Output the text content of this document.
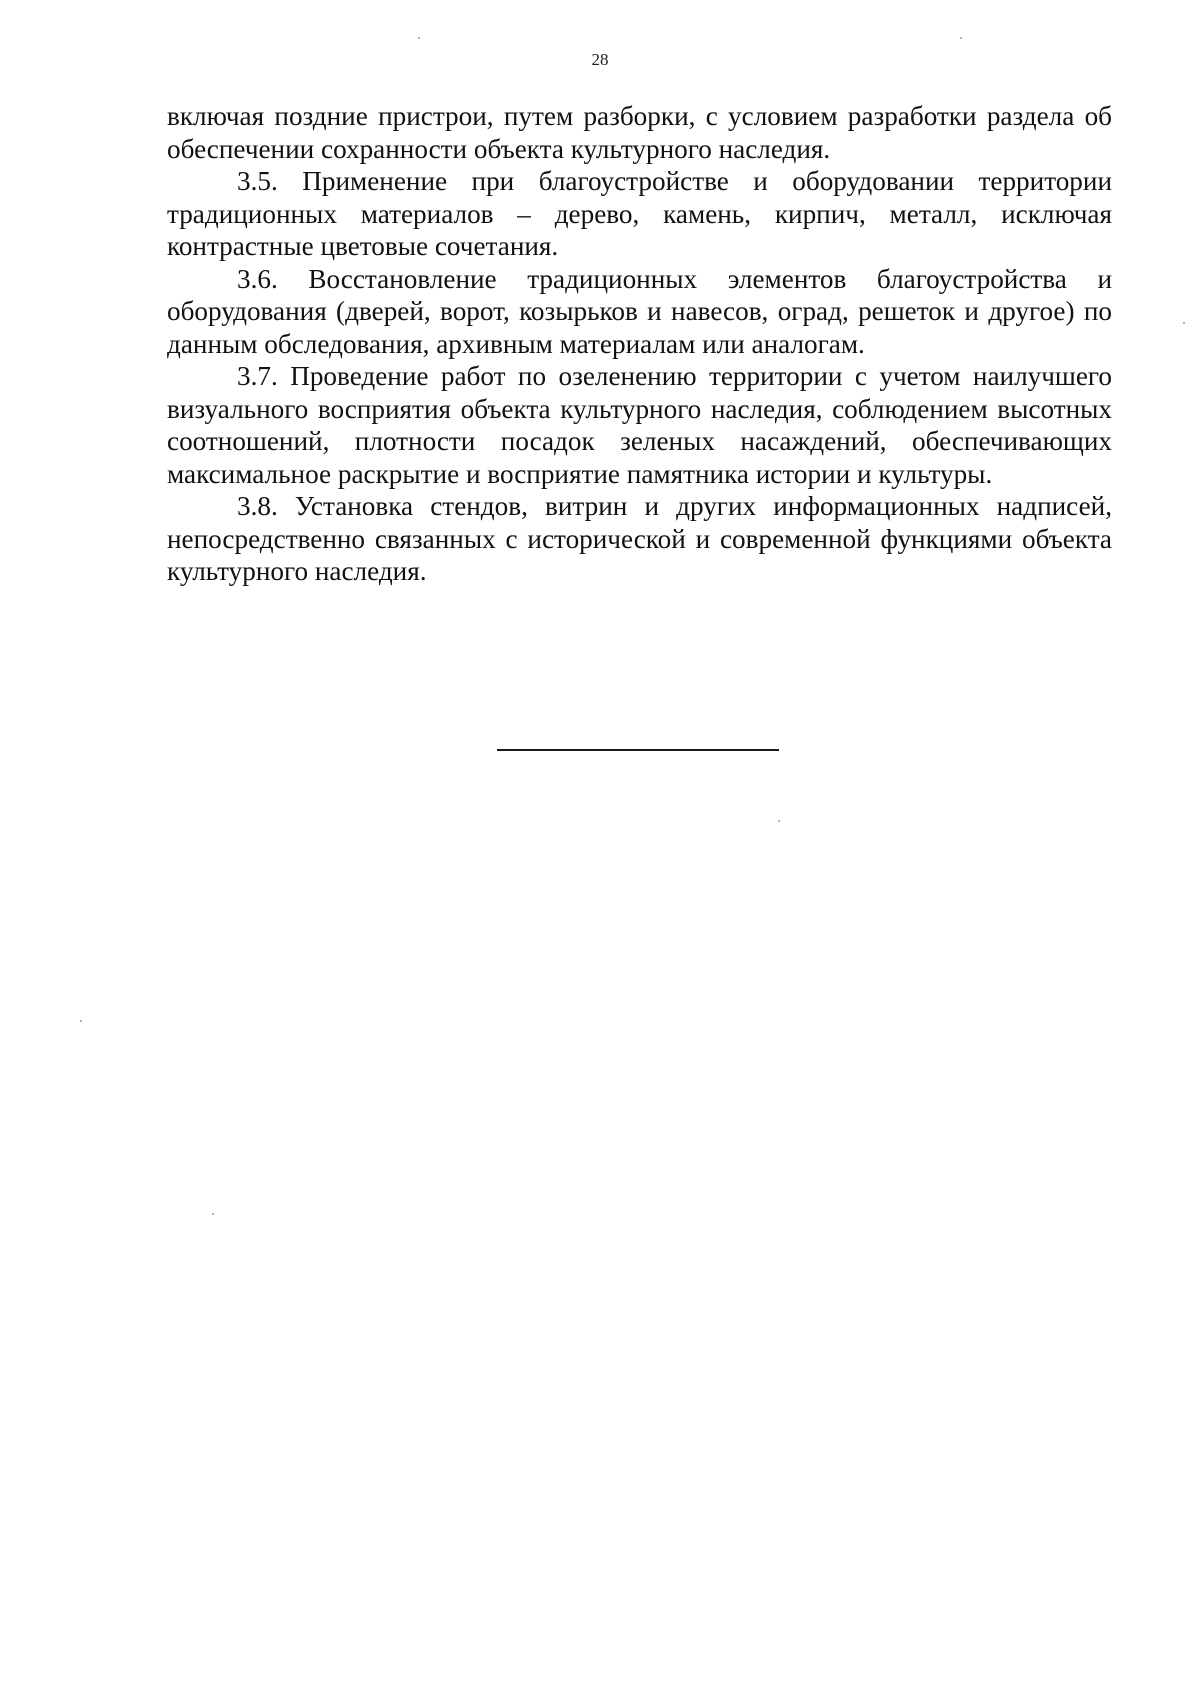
28

включая поздние пристрои, путем разборки, с условием разработки раздела об обеспечении сохранности объекта культурного наследия.

3.5. Применение при благоустройстве и оборудовании территории традиционных материалов – дерево, камень, кирпич, металл, исключая контрастные цветовые сочетания.

3.6. Восстановление традиционных элементов благоустройства и оборудования (дверей, ворот, козырьков и навесов, оград, решеток и другое) по данным обследования, архивным материалам или аналогам.

3.7. Проведение работ по озеленению территории с учетом наилучшего визуального восприятия объекта культурного наследия, соблюдением высотных соотношений, плотности посадок зеленых насаждений, обеспечивающих максимальное раскрытие и восприятие памятника истории и культуры.

3.8. Установка стендов, витрин и других информационных надписей, непосредственно связанных с исторической и современной функциями объекта культурного наследия.
